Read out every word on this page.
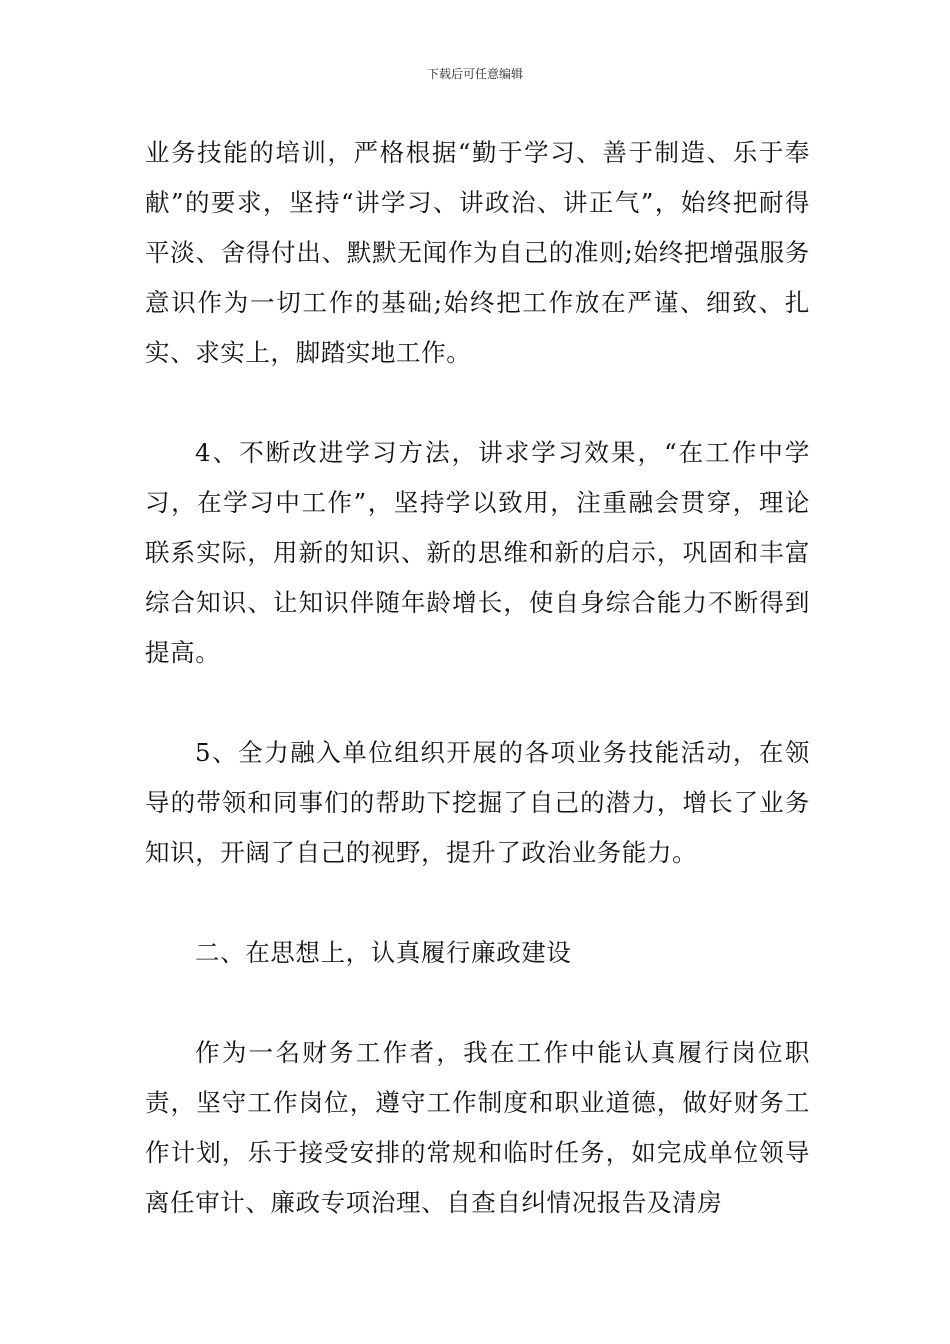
下载后可任意编辑

业务技能的培训，严格根据“勤于学习、善于制造、乐于奉献”的要求，坚持“讲学习、讲政治、讲正气”，始终把耐得平淡、舍得付出、默默无闻作为自己的准则;始终把增强服务意识作为一切工作的基础;始终把工作放在严谨、细致、扎实、求实上，脚踏实地工作。

4、不断改进学习方法，讲求学习效果，“在工作中学习，在学习中工作”，坚持学以致用，注重融会贯穿，理论联系实际，用新的知识、新的思维和新的启示，巩固和丰富综合知识、让知识伴随年龄增长，使自身综合能力不断得到提高。

5、全力融入单位组织开展的各项业务技能活动，在领导的带领和同事们的帮助下挖掘了自己的潜力，增长了业务知识，开阔了自己的视野，提升了政治业务能力。

二、在思想上，认真履行廉政建设

作为一名财务工作者，我在工作中能认真履行岗位职责，坚守工作岗位，遵守工作制度和职业道德，做好财务工作计划，乐于接受安排的常规和临时任务，如完成单位领导离任审计、廉政专项治理、自查自纠情况报告及清房
